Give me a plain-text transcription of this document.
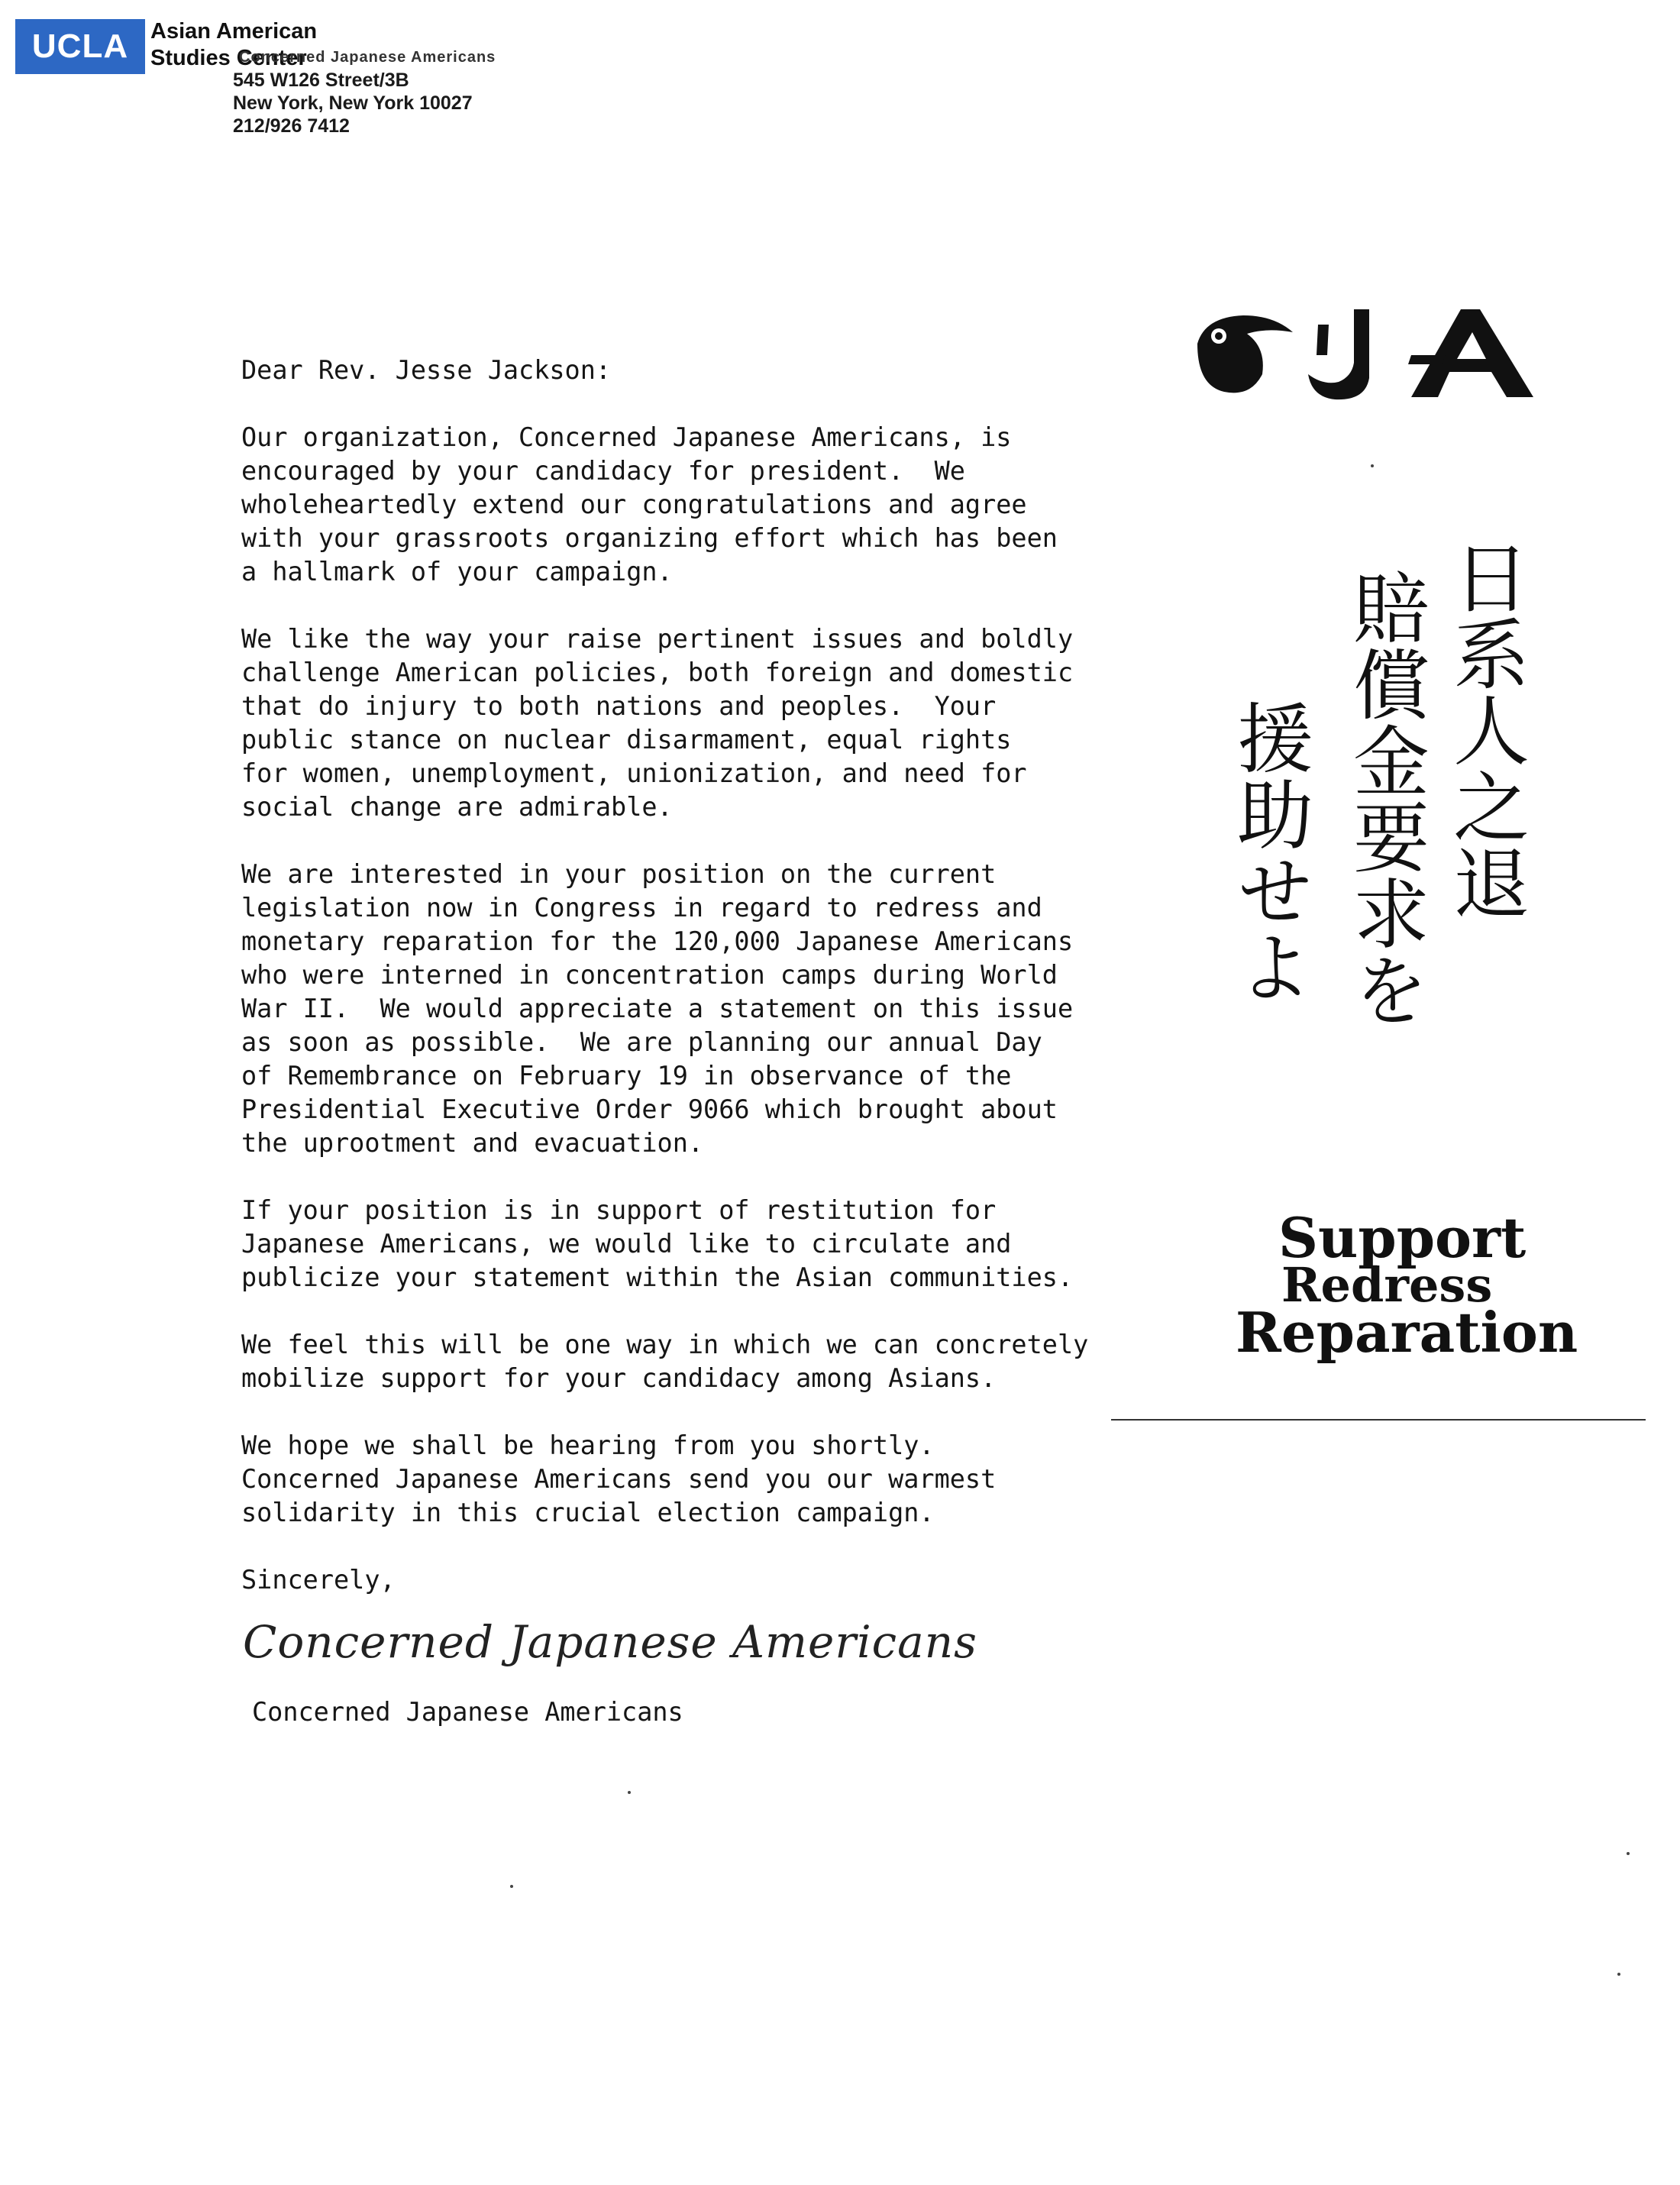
UCLA Asian American
Studies Center
Concerned Japanese Americans
545 W126 Street/3B
New York, New York 10027
212/926 7412
Dear Rev. Jesse Jackson:
Our organization, Concerned Japanese Americans, is
encouraged by your candidacy for president.  We
wholeheartedly extend our congratulations and agree
with your grassroots organizing effort which has been
a hallmark of your campaign.
We like the way your raise pertinent issues and boldly
challenge American policies, both foreign and domestic
that do injury to both nations and peoples.  Your
public stance on nuclear disarmament, equal rights
for women, unemployment, unionization, and need for
social change are admirable.
We are interested in your position on the current
legislation now in Congress in regard to redress and
monetary reparation for the 120,000 Japanese Americans
who were interned in concentration camps during World
War II.  We would appreciate a statement on this issue
as soon as possible.  We are planning our annual Day
of Remembrance on February 19 in observance of the
Presidential Executive Order 9066 which brought about
the uprootment and evacuation.
If your position is in support of restitution for
Japanese Americans, we would like to circulate and
publicize your statement within the Asian communities.
We feel this will be one way in which we can concretely
mobilize support for your candidacy among Asians.
We hope we shall be hearing from you shortly.
Concerned Japanese Americans send you our warmest
solidarity in this crucial election campaign.
Sincerely,
Concerned Japanese Americans
Concerned Japanese Americans
日系人之退
賠償金要求を
援助せよ
Support
Redress
Reparation
